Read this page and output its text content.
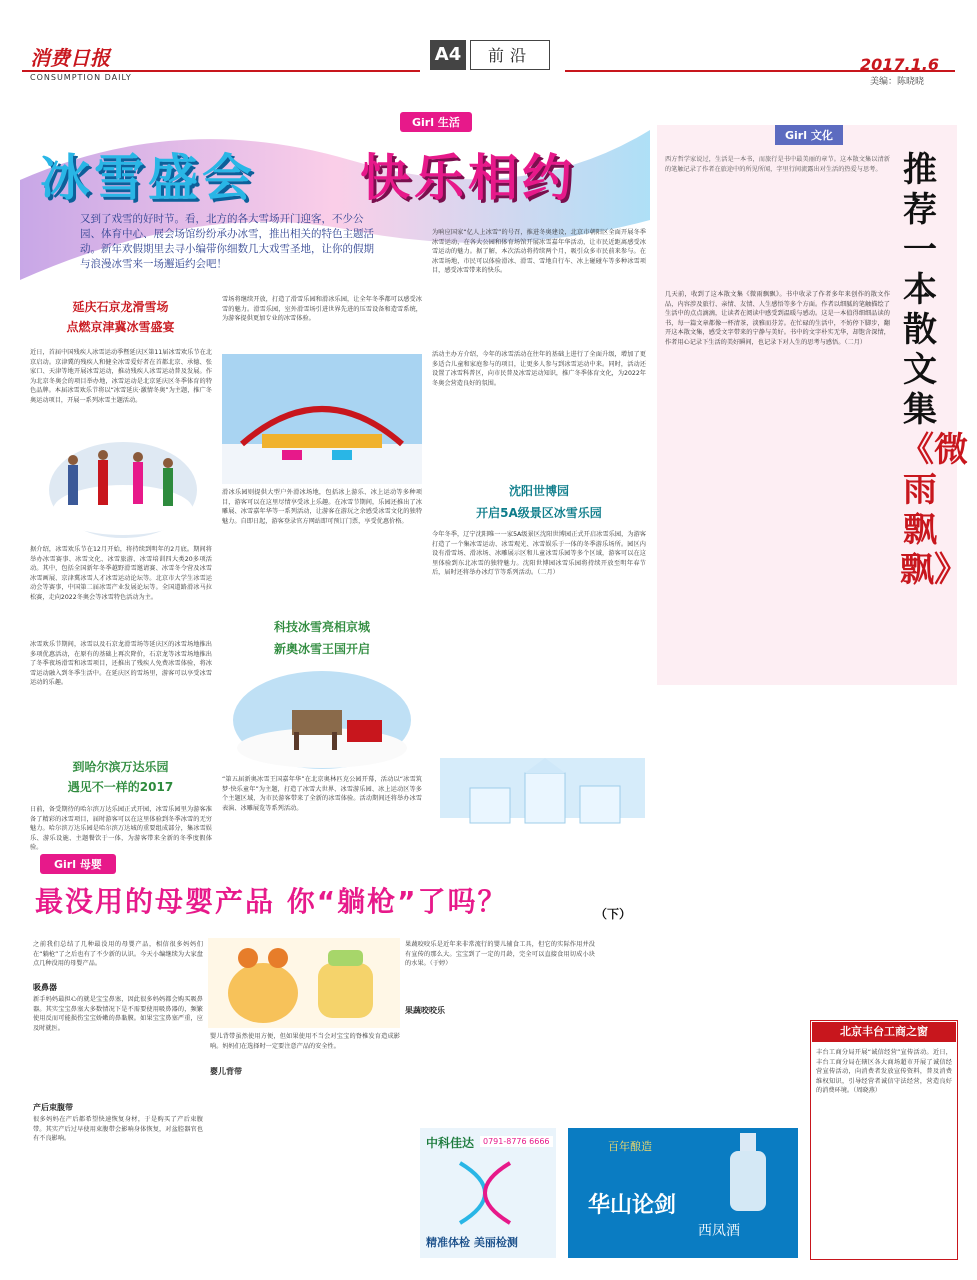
消费日报
CONSUMPTION DAILY
A4	前沿	2017.1.6
美编：陈晓晓
Girl 生活
冰雪盛会 快乐相约
又到了戏雪的好时节。看，北方的各大雪场开门迎客，不少公园、体育中心、展会场馆纷纷承办冰雪，推出相关的特色主题活动。新年欢假期里去寻小编带你细数几大戏雪圣地，让你的假期与浪漫冰雪来一场邂逅约会吧！
延庆石京龙滑雪场
点燃京津冀冰雪盛宴
近日，首届中国残疾人冰雪运动季暨延庆区第11届冰雪欢乐节在北京启动。京津冀的残疾人和健全冰雪爱好者在首都北京、承德、张家口、天津等地开展冰雪运动，推动残疾人冰雪运动普及发展。作为北京冬奥会的项目举办地，冰雪运动是北京延庆区冬季体育的特色品牌。本届冰雪欢乐节将以“冰雪延庆·激情冬奥”为主题，推广冬奥运动项目，开展一系列冰雪主题活动。
据介绍，冰雪欢乐节在12月开始，将持续到明年的2月底。期间将举办冰雪赛事、冰雪文化、冰雪旅游、冰雪培训四大类20多项活动。其中，包括全国新年冬季越野滑雪邀请赛、冰雪冬令营及冰雪冰雪画展、京津冀冰雪人才冰雪运动论坛等。北京市大学生冰雪运动会等赛事，中国第二届冰雪产业发展论坛等。全国道路滑冰马拉松赛，走向2022冬奥会等冰雪特色活动为主。
冰雪欢乐节期间，冰雪以及石京龙滑雪场等延庆区的冰雪场地推出多项优惠活动，在原有的基础上再次降价，石京龙等冰雪场地推出了冬季夜场滑雪和冰雪项目，还推出了残疾人免费冰雪体验，将冰雪运动融入到冬季生活中。在延庆区的雪场里，游客可以享受冰雪运动的乐趣。
到哈尔滨万达乐园
遇见不一样的2017
日前，备受期待的哈尔滨万达乐园正式开园，冰雪乐园里为游客准备了精彩的冰雪项目，届时游客可以在这里体验到冬季冰雪的无穷魅力。哈尔滨万达乐园是哈尔滨万达城的重要组成部分，集冰雪娱乐、游乐设施、主题餐饮于一体，为游客带来全新的冬季度假体验。
雪场将继续开放，打造了滑雪乐园和滑冰乐园，让全年冬季都可以感受冰雪的魅力。滑雪乐园，室外滑雪场引进世界先进的压雪设备和造雪系统，为游客提供更加专业的冰雪体验。
滑冰乐园则提供大型户外滑冰场地，包括冰上游乐、冰上运动等多种项目，游客可以在这里尽情享受冰上乐趣。在冰雪节期间，乐园还推出了冰雕展、冰雪嘉年华等一系列活动，让游客在游玩之余感受冰雪文化的独特魅力。自即日起，游客登录官方网站即可预订门票，享受优惠价格。
科技冰雪亮相京城
新奥冰雪王国开启
“第五届新奥冰雪王国嘉年华”在北京奥林匹克公园开幕，活动以“冰雪筑梦·快乐童年”为主题，打造了冰雪大世界、冰雪游乐园、冰上运动区等多个主题区域，为市民游客带来了全新的冰雪体验。活动期间还将举办冰雪表演、冰雕展览等系列活动。
为响应国家“亿人上冰雪”的号召，推进冬奥建设，北京市朝阳区全面开展冬季冰雪运动，在各大公园和体育场馆开展冰雪嘉年华活动，让市民近距离感受冰雪运动的魅力。据了解，本次活动将持续两个月，吸引众多市民前来参与。在冰雪场地，市民可以体验滑冰、滑雪、雪地自行车、冰上碰碰车等多种冰雪项目，感受冰雪带来的快乐。
活动主办方介绍，今年的冰雪活动在往年的基础上进行了全面升级，增加了更多适合儿童和家庭参与的项目，让更多人参与到冰雪运动中来。同时，活动还设置了冰雪科普区，向市民普及冰雪运动知识，推广冬季体育文化，为2022年冬奥会营造良好的氛围。
沈阳世博园
开启5A级景区冰雪乐园
今年冬季，辽宁沈阳唯一一家5A级景区沈阳世博园正式开启冰雪乐园，为游客打造了一个集冰雪运动、冰雪观光、冰雪娱乐于一体的冬季游乐场所。园区内设有滑雪场、滑冰场、冰雕展示区和儿童冰雪乐园等多个区域，游客可以在这里体验到东北冰雪的独特魅力。沈阳世博园冰雪乐园将持续开放至明年春节后，届时还将举办冰灯节等系列活动。（二月）
Girl 文化
推荐一本散文集
《微雨飘飘》
西方哲学家说过，生活是一本书，而旅行是书中最美丽的章节。这本散文集以清新的笔触记录了作者在旅途中的所见所闻，字里行间流露出对生活的热爱与思考。
几天前，收到了这本散文集《微雨飘飘》。书中收录了作者多年来创作的散文作品，内容涉及旅行、亲情、友情、人生感悟等多个方面。作者以细腻的笔触描绘了生活中的点点滴滴，让读者在阅读中感受到温暖与感动。这是一本值得细细品读的书，每一篇文章都像一杯清茶，淡雅而芬芳。在忙碌的生活中，不妨停下脚步，翻开这本散文集，感受文字带来的宁静与美好。书中的文字朴实无华，却饱含深情，作者用心记录下生活的美好瞬间，也记录下对人生的思考与感悟。（二月）
Girl 母婴
最没用的母婴产品 你“躺枪”了吗？	（下）
之前我们总结了几种最没用的母婴产品，相信很多妈妈们在“躺枪”了之后也有了不少新的认识。今天小编继续为大家盘点几种没用的母婴产品。
吸鼻器
新手妈妈最担心的就是宝宝鼻塞，因此很多妈妈都会购买吸鼻器。其实宝宝鼻塞大多数情况下是不需要使用吸鼻器的，频繁使用反而可能损伤宝宝娇嫩的鼻黏膜。如果宝宝鼻塞严重，应及时就医。
产后束腹带
很多妈妈在产后都希望快速恢复身材，于是购买了产后束腹带。其实产后过早使用束腹带会影响身体恢复，对盆腔器官也有不良影响。
婴儿背带虽然使用方便，但如果使用不当会对宝宝的脊椎发育造成影响。妈妈们在选择时一定要注意产品的安全性。
婴儿背带
果蔬咬咬乐
果蔬咬咬乐是近年来非常流行的婴儿辅食工具，但它的实际作用并没有宣传的那么大。宝宝到了一定的月龄，完全可以直接食用切成小块的水果。（于婷）
中科佳达	0791-8776 6666
精准体检 美丽检测
百年酿造
华山论剑
西凤酒
北京丰台工商之窗
丰台工商分局开展“诚信经营”宣传活动。近日，丰台工商分局在辖区各大商场超市开展了诚信经营宣传活动，向消费者发放宣传资料，普及消费维权知识，引导经营者诚信守法经营，营造良好的消费环境。（周晓燕）
